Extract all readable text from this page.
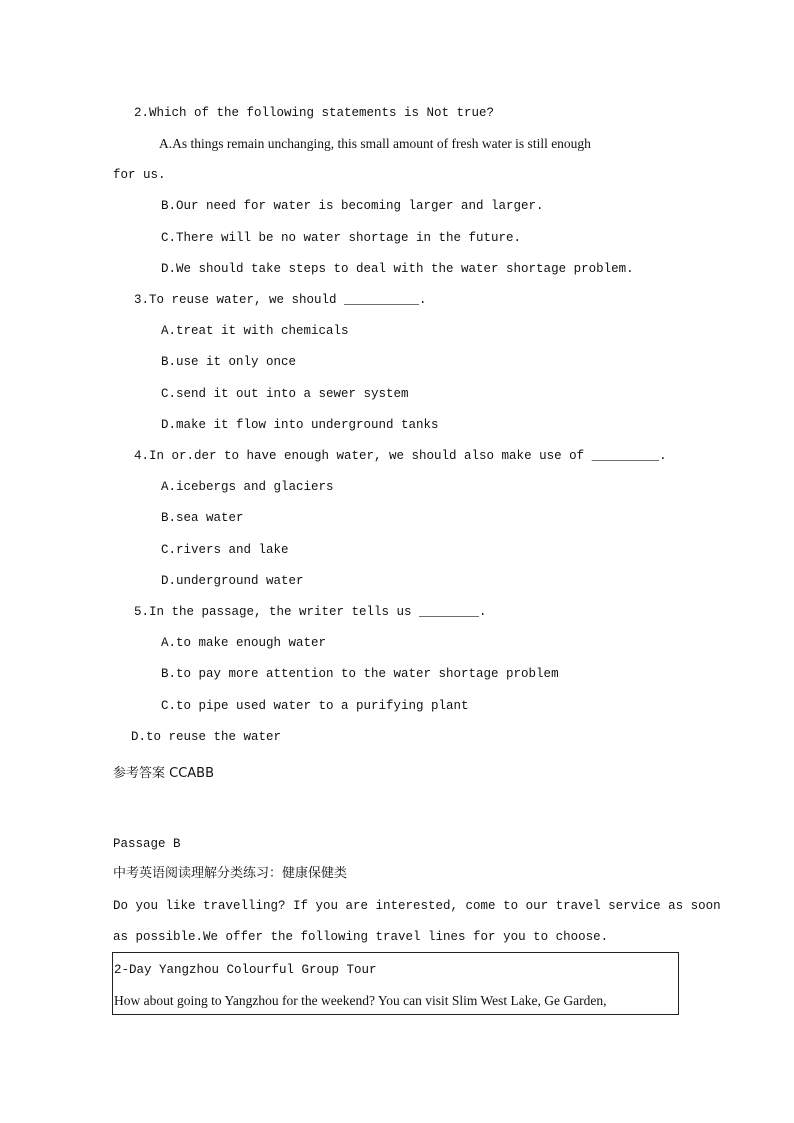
2.Which of the following statements is Not true?
A.As things remain unchanging, this small amount of fresh water is still enough
for us.
B.Our need for water is becoming larger and larger.
C.There will be no water shortage in the future.
D.We should take steps to deal with the water shortage problem.
3.To reuse water, we should __________.
A.treat it with chemicals
B.use it only once
C.send it out into a sewer system
D.make it flow into underground tanks
4.In or.der to have enough water, we should also make use of _________.
A.icebergs and glaciers
B.sea water
C.rivers and lake
D.underground water
5.In the passage, the writer tells us ________.
A.to make enough water
B.to pay more attention to the water shortage problem
C.to pipe used water to a purifying plant
D.to reuse the water
参考答案 CCABB
Passage B
中考英语阅读理解分类练习：健康保健类
Do you like travelling? If you are interested, come to our travel service as soon
as possible.We offer the following travel lines for you to choose.
2-Day Yangzhou Colourful Group Tour
How about going to Yangzhou for the weekend? You can visit Slim West Lake, Ge Garden,
